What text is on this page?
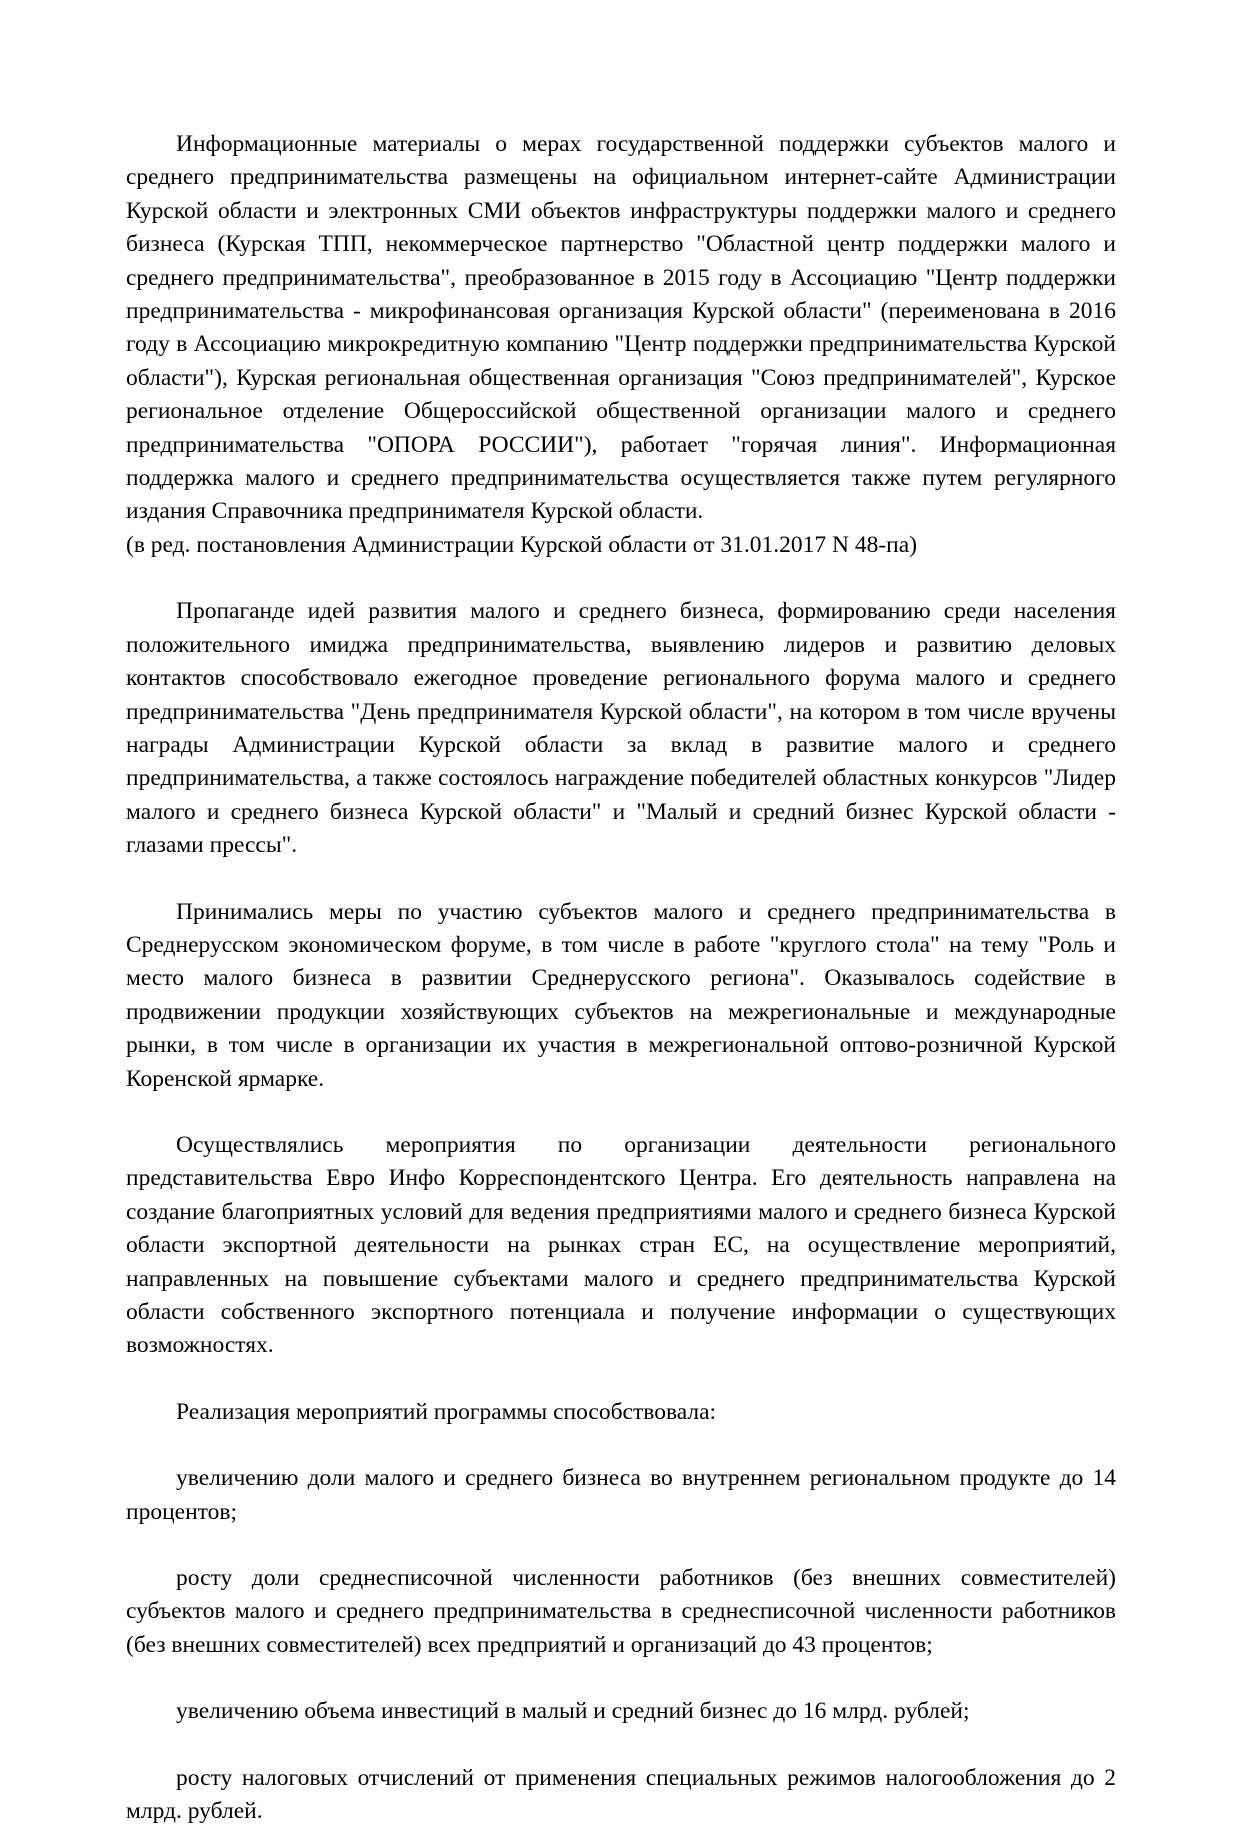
Информационные материалы о мерах государственной поддержки субъектов малого и среднего предпринимательства размещены на официальном интернет-сайте Администрации Курской области и электронных СМИ объектов инфраструктуры поддержки малого и среднего бизнеса (Курская ТПП, некоммерческое партнерство "Областной центр поддержки малого и среднего предпринимательства", преобразованное в 2015 году в Ассоциацию "Центр поддержки предпринимательства - микрофинансовая организация Курской области" (переименована в 2016 году в Ассоциацию микрокредитную компанию "Центр поддержки предпринимательства Курской области"), Курская региональная общественная организация "Союз предпринимателей", Курское региональное отделение Общероссийской общественной организации малого и среднего предпринимательства "ОПОРА РОССИИ"), работает "горячая линия". Информационная поддержка малого и среднего предпринимательства осуществляется также путем регулярного издания Справочника предпринимателя Курской области.

(в ред. постановления Администрации Курской области от 31.01.2017 N 48-па)

Пропаганде идей развития малого и среднего бизнеса, формированию среди населения положительного имиджа предпринимательства, выявлению лидеров и развитию деловых контактов способствовало ежегодное проведение регионального форума малого и среднего предпринимательства "День предпринимателя Курской области", на котором в том числе вручены награды Администрации Курской области за вклад в развитие малого и среднего предпринимательства, а также состоялось награждение победителей областных конкурсов "Лидер малого и среднего бизнеса Курской области" и "Малый и средний бизнес Курской области - глазами прессы".

Принимались меры по участию субъектов малого и среднего предпринимательства в Среднерусском экономическом форуме, в том числе в работе "круглого стола" на тему "Роль и место малого бизнеса в развитии Среднерусского региона". Оказывалось содействие в продвижении продукции хозяйствующих субъектов на межрегиональные и международные рынки, в том числе в организации их участия в межрегиональной оптово-розничной Курской Коренской ярмарке.

Осуществлялись мероприятия по организации деятельности регионального представительства Евро Инфо Корреспондентского Центра. Его деятельность направлена на создание благоприятных условий для ведения предприятиями малого и среднего бизнеса Курской области экспортной деятельности на рынках стран ЕС, на осуществление мероприятий, направленных на повышение субъектами малого и среднего предпринимательства Курской области собственного экспортного потенциала и получение информации о существующих возможностях.

Реализация мероприятий программы способствовала:

увеличению доли малого и среднего бизнеса во внутреннем региональном продукте до 14 процентов;

росту доли среднесписочной численности работников (без внешних совместителей) субъектов малого и среднего предпринимательства в среднесписочной численности работников (без внешних совместителей) всех предприятий и организаций до 43 процентов;

увеличению объема инвестиций в малый и средний бизнес до 16 млрд. рублей;

росту налоговых отчислений от применения специальных режимов налогообложения до 2 млрд. рублей.
